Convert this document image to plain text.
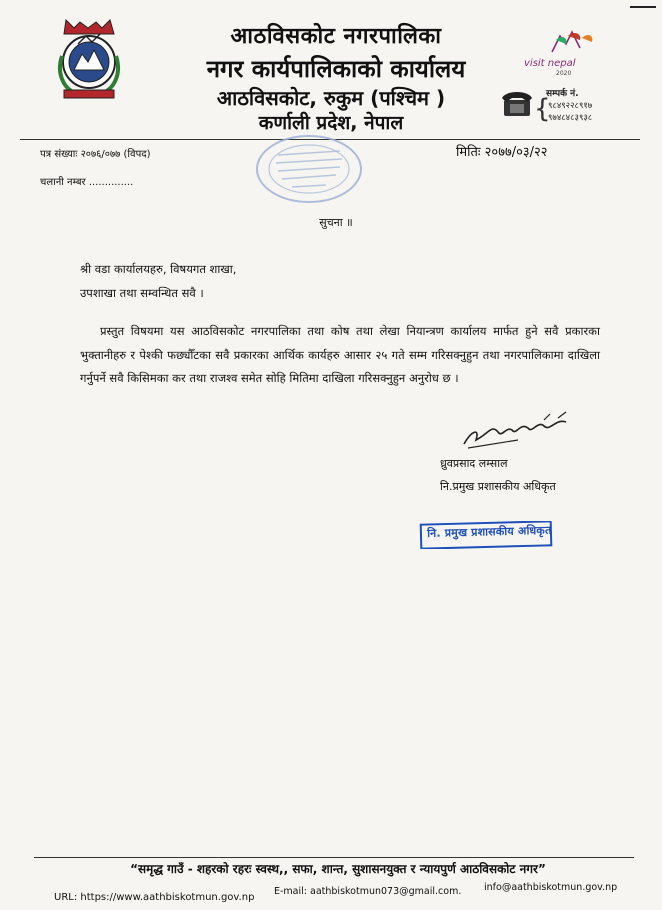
आठविसकोट नगरपालिका
नगर कार्यपालिकाको कार्यालय
आठविसकोट, रुकुम (पश्चिम )
कर्णाली प्रदेश, नेपाल
visit nepal
2020
{
सम्पर्क नं.
९८४९२२८९१७
९७४८४८३९३८
पत्र संख्याः २०७६/०७७ (विपद)	मितिः २०७७/०३/२२
चलानी नम्बर ..............
सुचना ॥
श्री वडा कार्यालयहरु, विषयगत शाखा,
उपशाखा तथा सम्वन्धित सवै ।
प्रस्तुत विषयमा यस आठविसकोट नगरपालिका तथा कोष तथा लेखा नियान्त्रण कार्यालय मार्फत हुने सवै प्रकारका भुक्तानीहरु र पेश्की फछ्यौँटका सवै प्रकारका आर्थिक कार्यहरु आसार २५ गते सम्म गरिसक्नुहुन तथा नगरपालिकामा दाखिला गर्नुपर्ने सवै किसिमका कर तथा राजश्व समेत सोहि मितिमा दाखिला गरिसक्नुहुन अनुरोध छ ।
ध्रुवप्रसाद लम्साल
नि.प्रमुख प्रशासकीय अधिकृत
नि. प्रमुख प्रशासकीय अधिकृत
“समृद्ध गाउँ - शहरको रहरः स्वस्थ,, सफा, शान्त, सुशासनयुक्त र न्यायपुर्ण आठविसकोट नगर”
URL: https://www.aathbiskotmun.gov.np
E-mail: aathbiskotmun073@gmail.com. info@aathbiskotmun.gov.np
